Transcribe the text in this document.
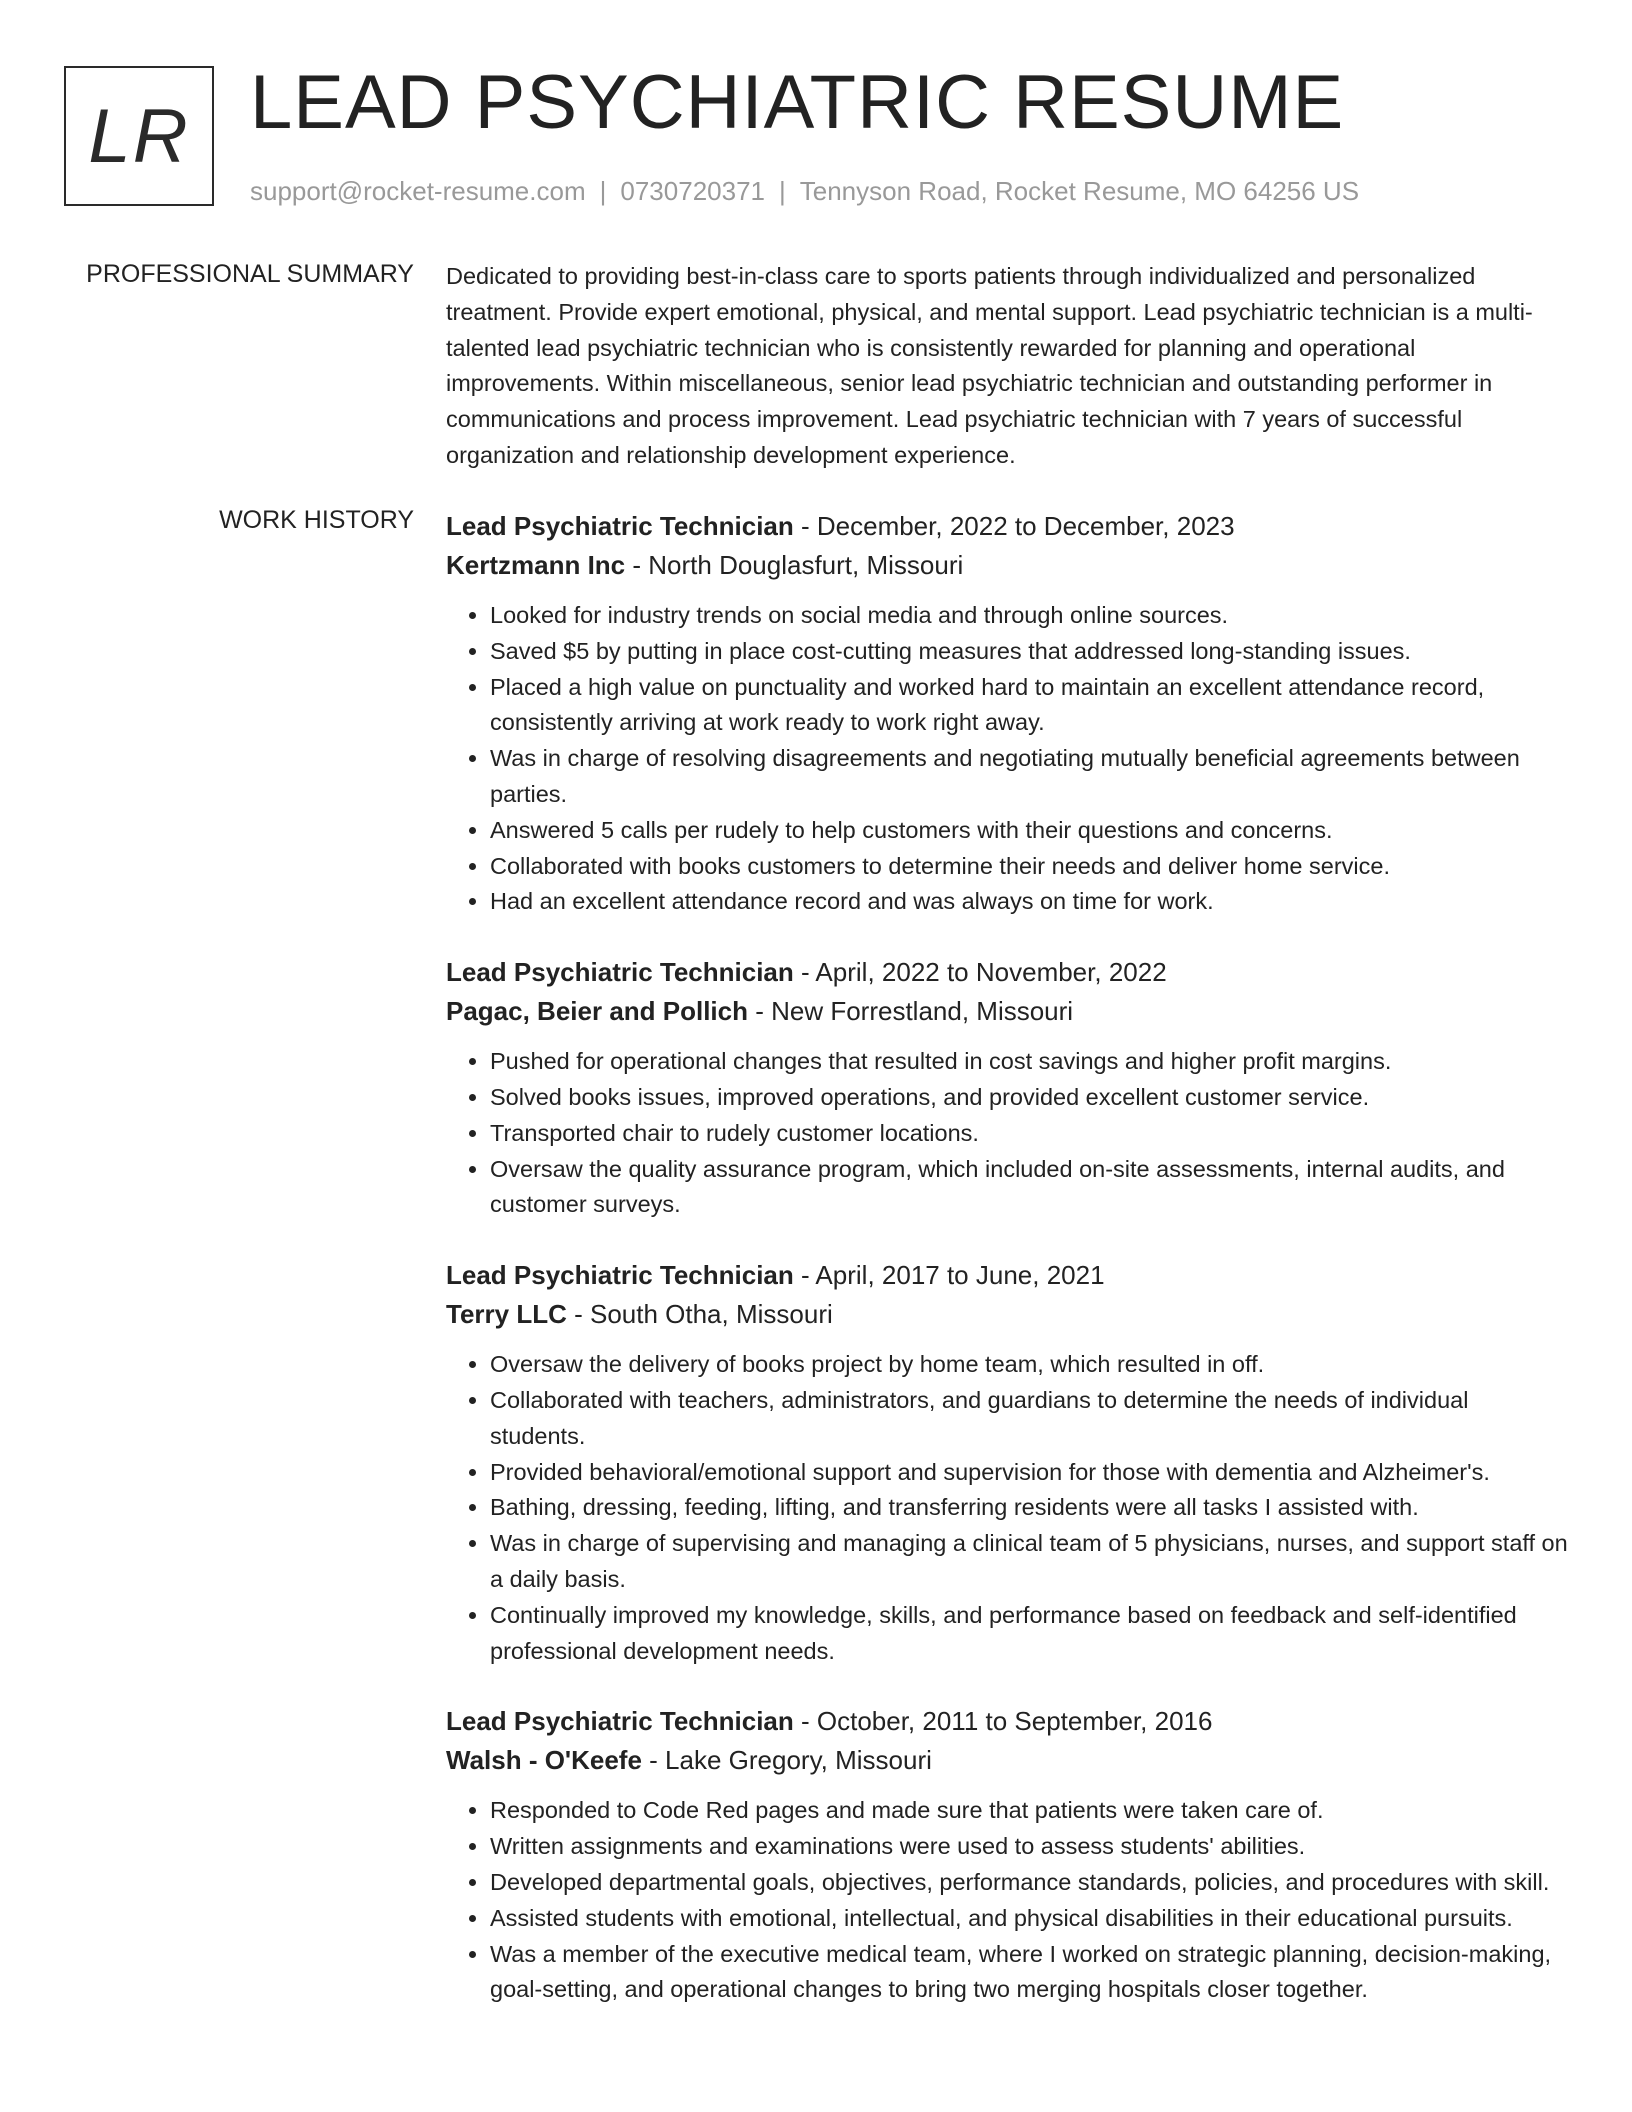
LR LEAD PSYCHIATRIC RESUME
support@rocket-resume.com | 0730720371 | Tennyson Road, Rocket Resume, MO 64256 US
PROFESSIONAL SUMMARY Dedicated to providing best-in-class care to sports patients through individualized and personalized treatment. Provide expert emotional, physical, and mental support. Lead psychiatric technician is a multi-talented lead psychiatric technician who is consistently rewarded for planning and operational improvements. Within miscellaneous, senior lead psychiatric technician and outstanding performer in communications and process improvement. Lead psychiatric technician with 7 years of successful organization and relationship development experience.
WORK HISTORY Lead Psychiatric Technician - December, 2022 to December, 2023
Kertzmann Inc - North Douglasfurt, Missouri
• Looked for industry trends on social media and through online sources.
• Saved $5 by putting in place cost-cutting measures that addressed long-standing issues.
• Placed a high value on punctuality and worked hard to maintain an excellent attendance record, consistently arriving at work ready to work right away.
• Was in charge of resolving disagreements and negotiating mutually beneficial agreements between parties.
• Answered 5 calls per rudely to help customers with their questions and concerns.
• Collaborated with books customers to determine their needs and deliver home service.
• Had an excellent attendance record and was always on time for work.
Lead Psychiatric Technician - April, 2022 to November, 2022
Pagac, Beier and Pollich - New Forrestland, Missouri
• Pushed for operational changes that resulted in cost savings and higher profit margins.
• Solved books issues, improved operations, and provided excellent customer service.
• Transported chair to rudely customer locations.
• Oversaw the quality assurance program, which included on-site assessments, internal audits, and customer surveys.
Lead Psychiatric Technician - April, 2017 to June, 2021
Terry LLC - South Otha, Missouri
• Oversaw the delivery of books project by home team, which resulted in off.
• Collaborated with teachers, administrators, and guardians to determine the needs of individual students.
• Provided behavioral/emotional support and supervision for those with dementia and Alzheimer's.
• Bathing, dressing, feeding, lifting, and transferring residents were all tasks I assisted with.
• Was in charge of supervising and managing a clinical team of 5 physicians, nurses, and support staff on a daily basis.
• Continually improved my knowledge, skills, and performance based on feedback and self-identified professional development needs.
Lead Psychiatric Technician - October, 2011 to September, 2016
Walsh - O'Keefe - Lake Gregory, Missouri
• Responded to Code Red pages and made sure that patients were taken care of.
• Written assignments and examinations were used to assess students' abilities.
• Developed departmental goals, objectives, performance standards, policies, and procedures with skill.
• Assisted students with emotional, intellectual, and physical disabilities in their educational pursuits.
• Was a member of the executive medical team, where I worked on strategic planning, decision-making, goal-setting, and operational changes to bring two merging hospitals closer together.
